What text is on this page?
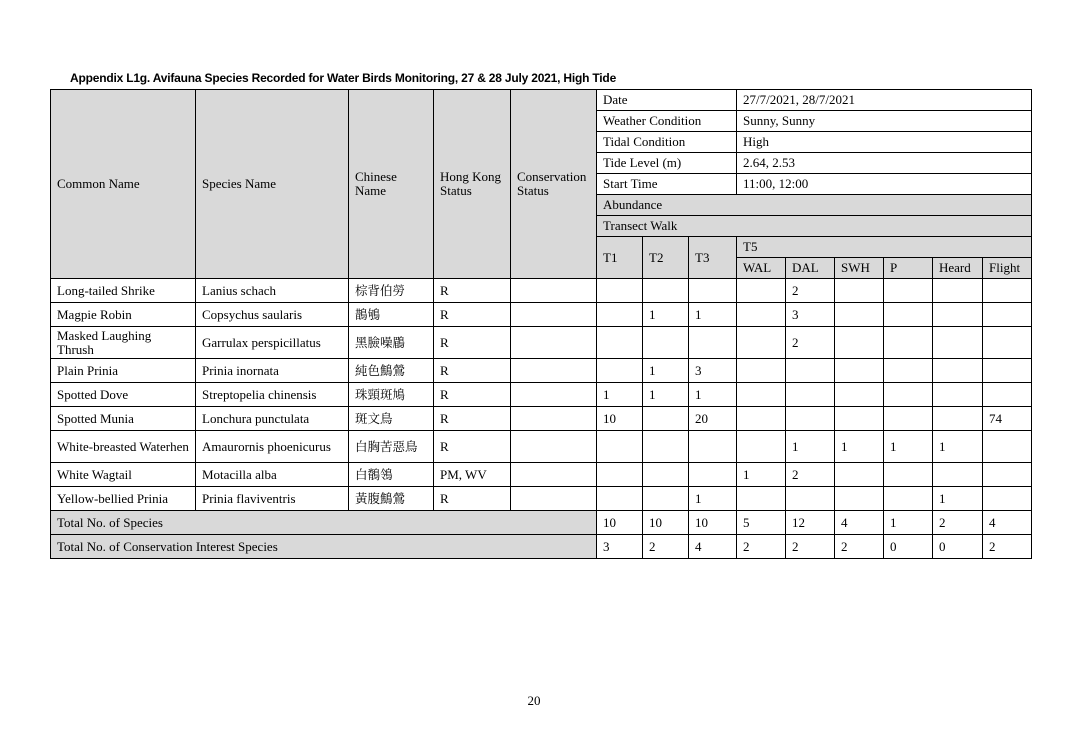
Appendix L1g. Avifauna Species Recorded for Water Birds Monitoring, 27 & 28 July 2021, High Tide
Common Name	Species Name	Chinese Name	Hong Kong Status	Conservation Status	Date			27/7/2021, 28/7/2021					
					Weather Condition			Sunny, Sunny					
					Tidal Condition			High					
					Tide Level (m)			2.64, 2.53					
					Start Time			11:00, 12:00					
					Abundance								
					Transect Walk								
					T1	T2	T3	T5					
								WAL	DAL	SWH	P	Heard	Flight
Long-tailed Shrike	Lanius schach	棕背伯勞	R						2				
Magpie Robin	Copsychus saularis	鵲鴝	R			1	1		3				
Masked Laughing Thrush	Garrulax perspicillatus	黑臉噪鶥	R						2				
Plain Prinia	Prinia inornata	純色鷦鶯	R			1	3						
Spotted Dove	Streptopelia chinensis	珠頸斑鳩	R		1	1	1						
Spotted Munia	Lonchura punctulata	斑文鳥	R		10		20						74
White-breasted Waterhen	Amaurornis phoenicurus	白胸苦惡鳥	R						1	1	1	1	
White Wagtail	Motacilla alba	白鶺鴒	PM, WV					1	2				
Yellow-bellied Prinia	Prinia flaviventris	黃腹鷦鶯	R				1					1	
Total No. of Species					10	10	10	5	12	4	1	2	4
Total No. of Conservation Interest Species					3	2	4	2	2	2	0	0	2
20
